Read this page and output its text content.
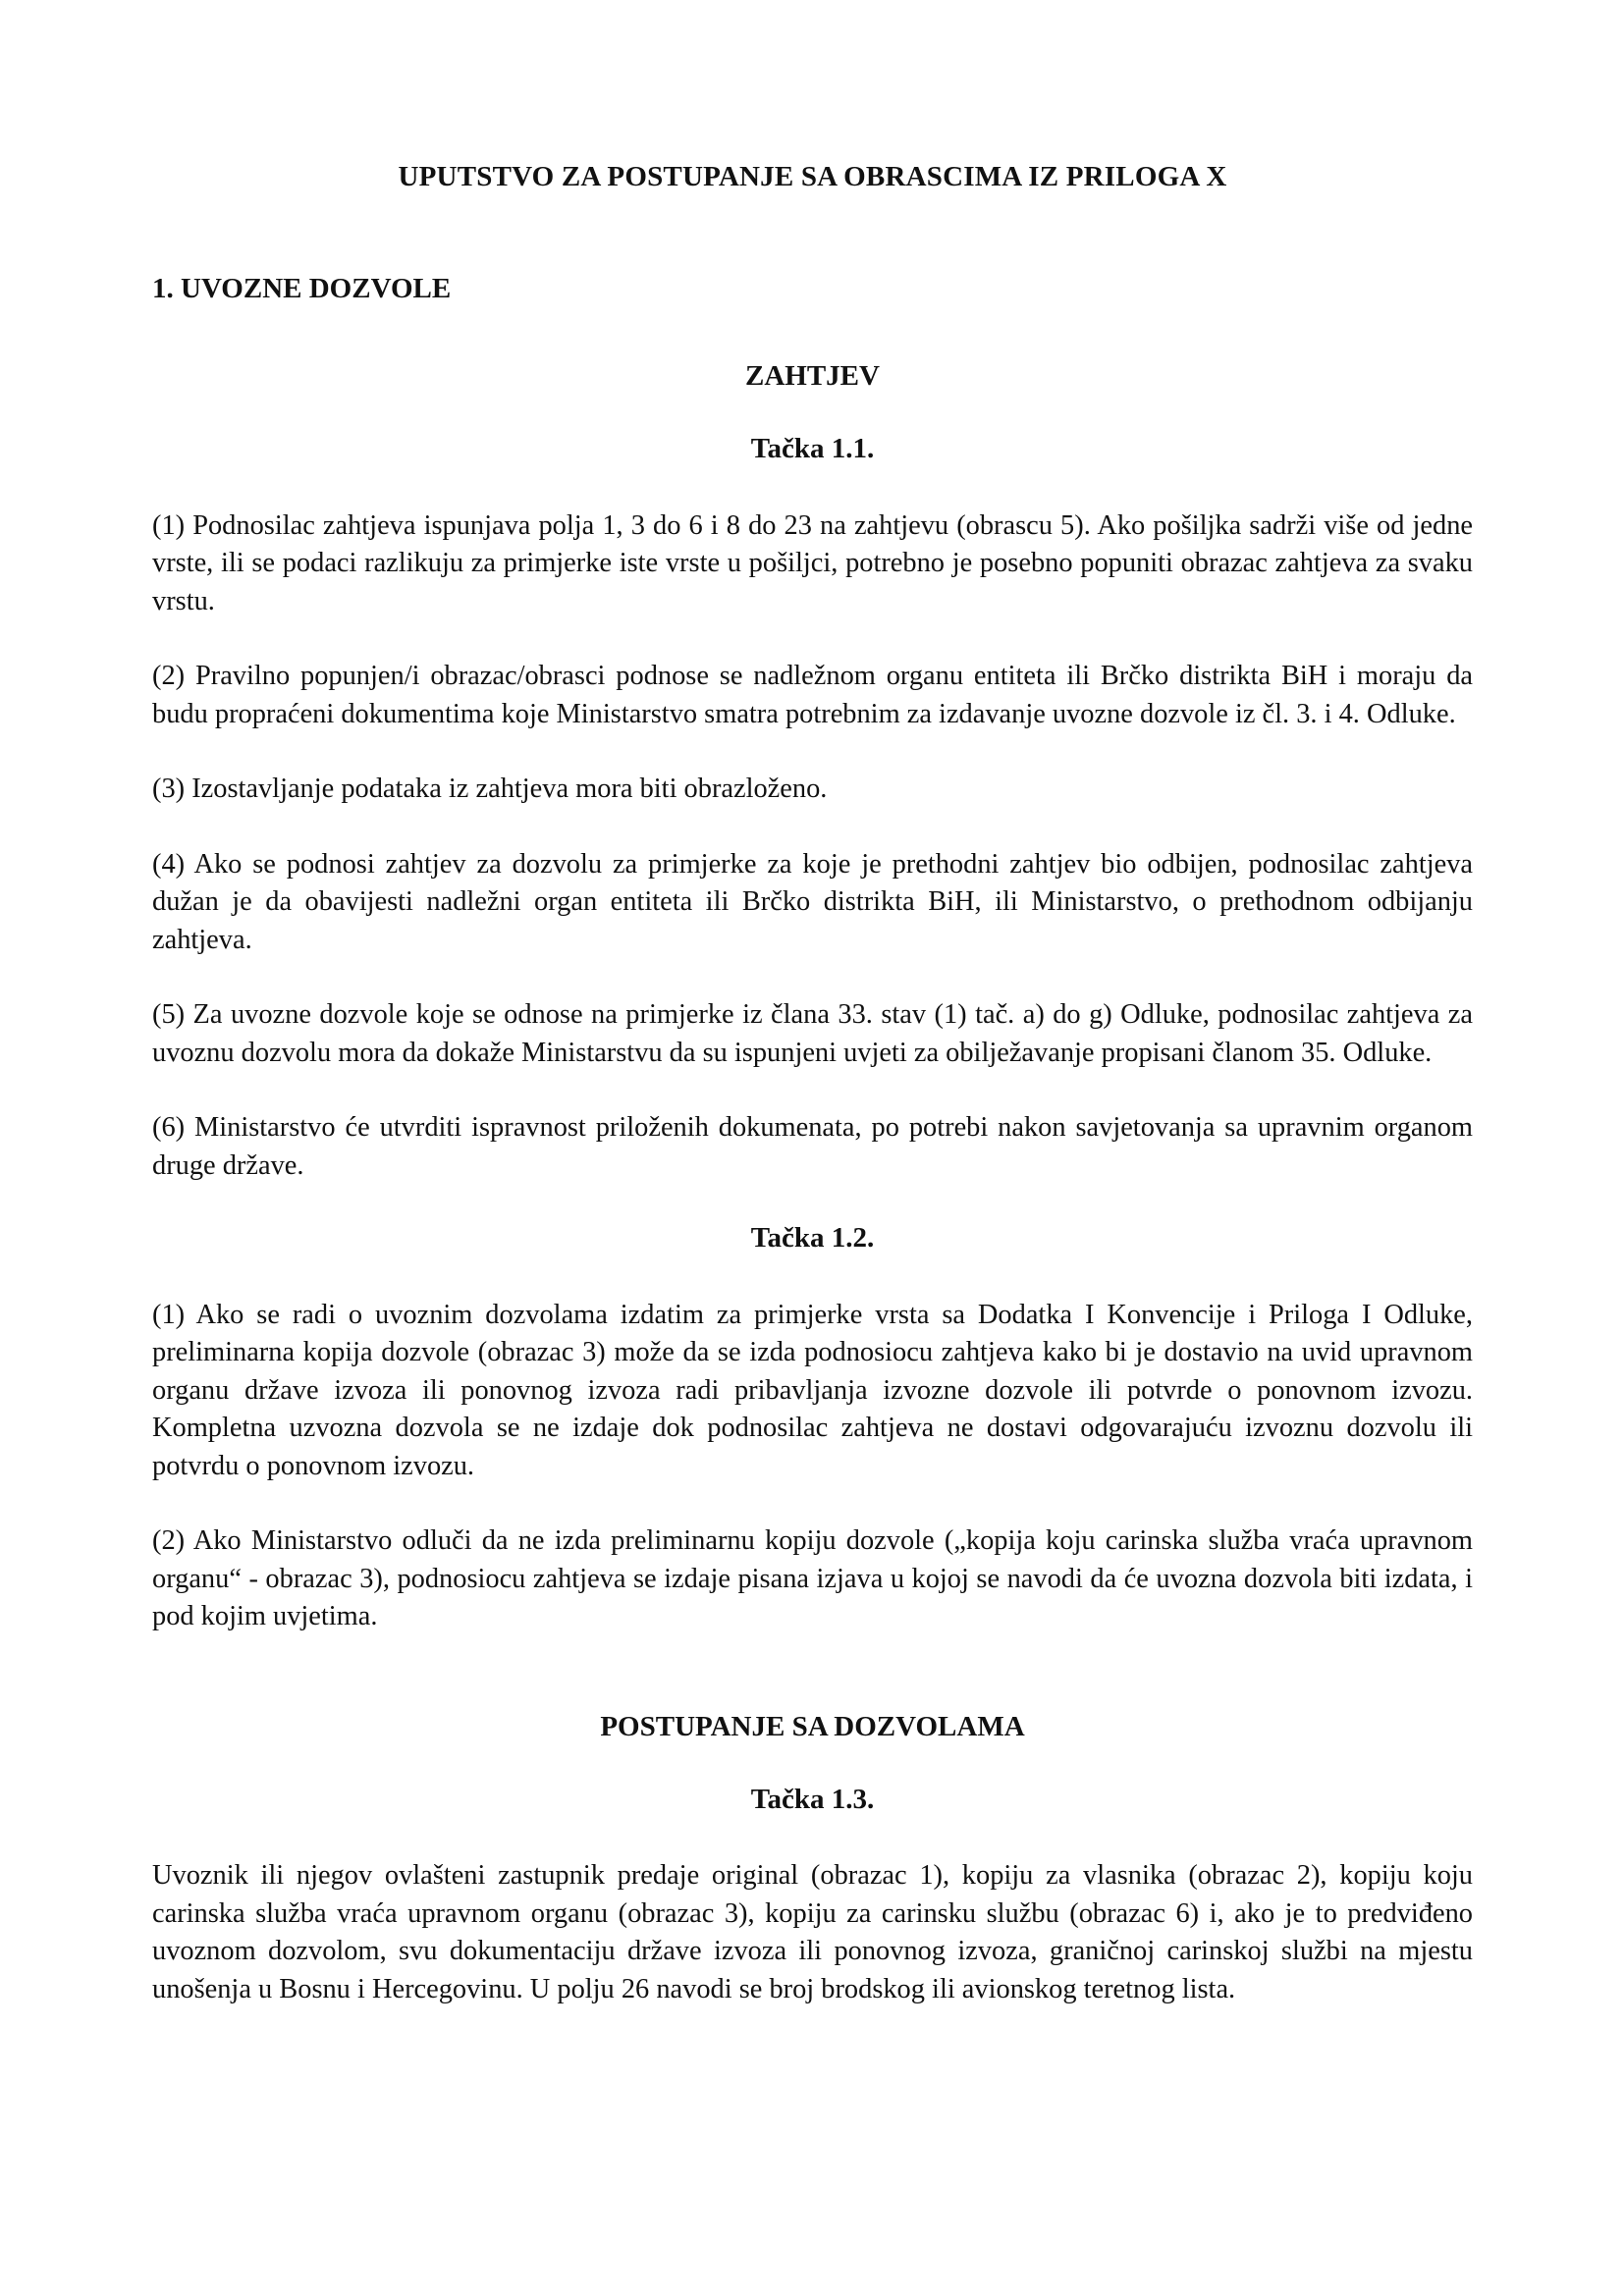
UPUTSTVO ZA POSTUPANJE SA OBRASCIMA IZ PRILOGA X
1. UVOZNE DOZVOLE
ZAHTJEV
Tačka 1.1.

(1) Podnosilac zahtjeva ispunjava polja 1, 3 do 6 i 8 do 23 na zahtjevu (obrascu 5). Ako pošiljka sadrži više od jedne vrste, ili se podaci razlikuju za primjerke iste vrste u pošiljci, potrebno je posebno popuniti obrazac zahtjeva za svaku vrstu.

(2) Pravilno popunjen/i obrazac/obrasci podnose se nadležnom organu entiteta ili Brčko distrikta BiH i moraju da budu propraćeni dokumentima koje Ministarstvo smatra potrebnim za izdavanje uvozne dozvole iz čl. 3. i 4. Odluke.

(3) Izostavljanje podataka iz zahtjeva mora biti obrazloženo.

(4) Ako se podnosi zahtjev za dozvolu za primjerke za koje je prethodni zahtjev bio odbijen, podnosilac zahtjeva dužan je da obavijesti nadležni organ entiteta ili Brčko distrikta BiH, ili Ministarstvo, o prethodnom odbijanju zahtjeva.

(5) Za uvozne dozvole koje se odnose na primjerke iz člana 33. stav (1) tač. a) do g) Odluke, podnosilac zahtjeva za uvoznu dozvolu mora da dokaže Ministarstvu da su ispunjeni uvjeti za obilježavanje propisani članom 35. Odluke.

(6) Ministarstvo će utvrditi ispravnost priloženih dokumenata, po potrebi nakon savjetovanja sa upravnim organom druge države.

Tačka 1.2.

(1) Ako se radi o uvoznim dozvolama izdatim za primjerke vrsta sa Dodatka I Konvencije i Priloga I Odluke, preliminarna kopija dozvole (obrazac 3) može da se izda podnosiocu zahtjeva kako bi je dostavio na uvid upravnom organu države izvoza ili ponovnog izvoza radi pribavljanja izvozne dozvole ili potvrde o ponovnom izvozu. Kompletna uzvozna dozvola se ne izdaje dok podnosilac zahtjeva ne dostavi odgovarajuću izvoznu dozvolu ili potvrdu o ponovnom izvozu.

(2) Ako Ministarstvo odluči da ne izda preliminarnu kopiju dozvole („kopija koju carinska služba vraća upravnom organu“ - obrazac 3), podnosiocu zahtjeva se izdaje pisana izjava u kojoj se navodi da će uvozna dozvola biti izdata, i pod kojim uvjetima.

POSTUPANJE SA DOZVOLAMA
Tačka 1.3.

Uvoznik ili njegov ovlašteni zastupnik predaje original (obrazac 1), kopiju za vlasnika (obrazac 2), kopiju koju carinska služba vraća upravnom organu (obrazac 3), kopiju za carinsku službu (obrazac 6) i, ako je to predviđeno uvoznom dozvolom, svu dokumentaciju države izvoza ili ponovnog izvoza, graničnoj carinskoj službi na mjestu unošenja u Bosnu i Hercegovinu. U polju 26 navodi se broj brodskog ili avionskog teretnog lista.
